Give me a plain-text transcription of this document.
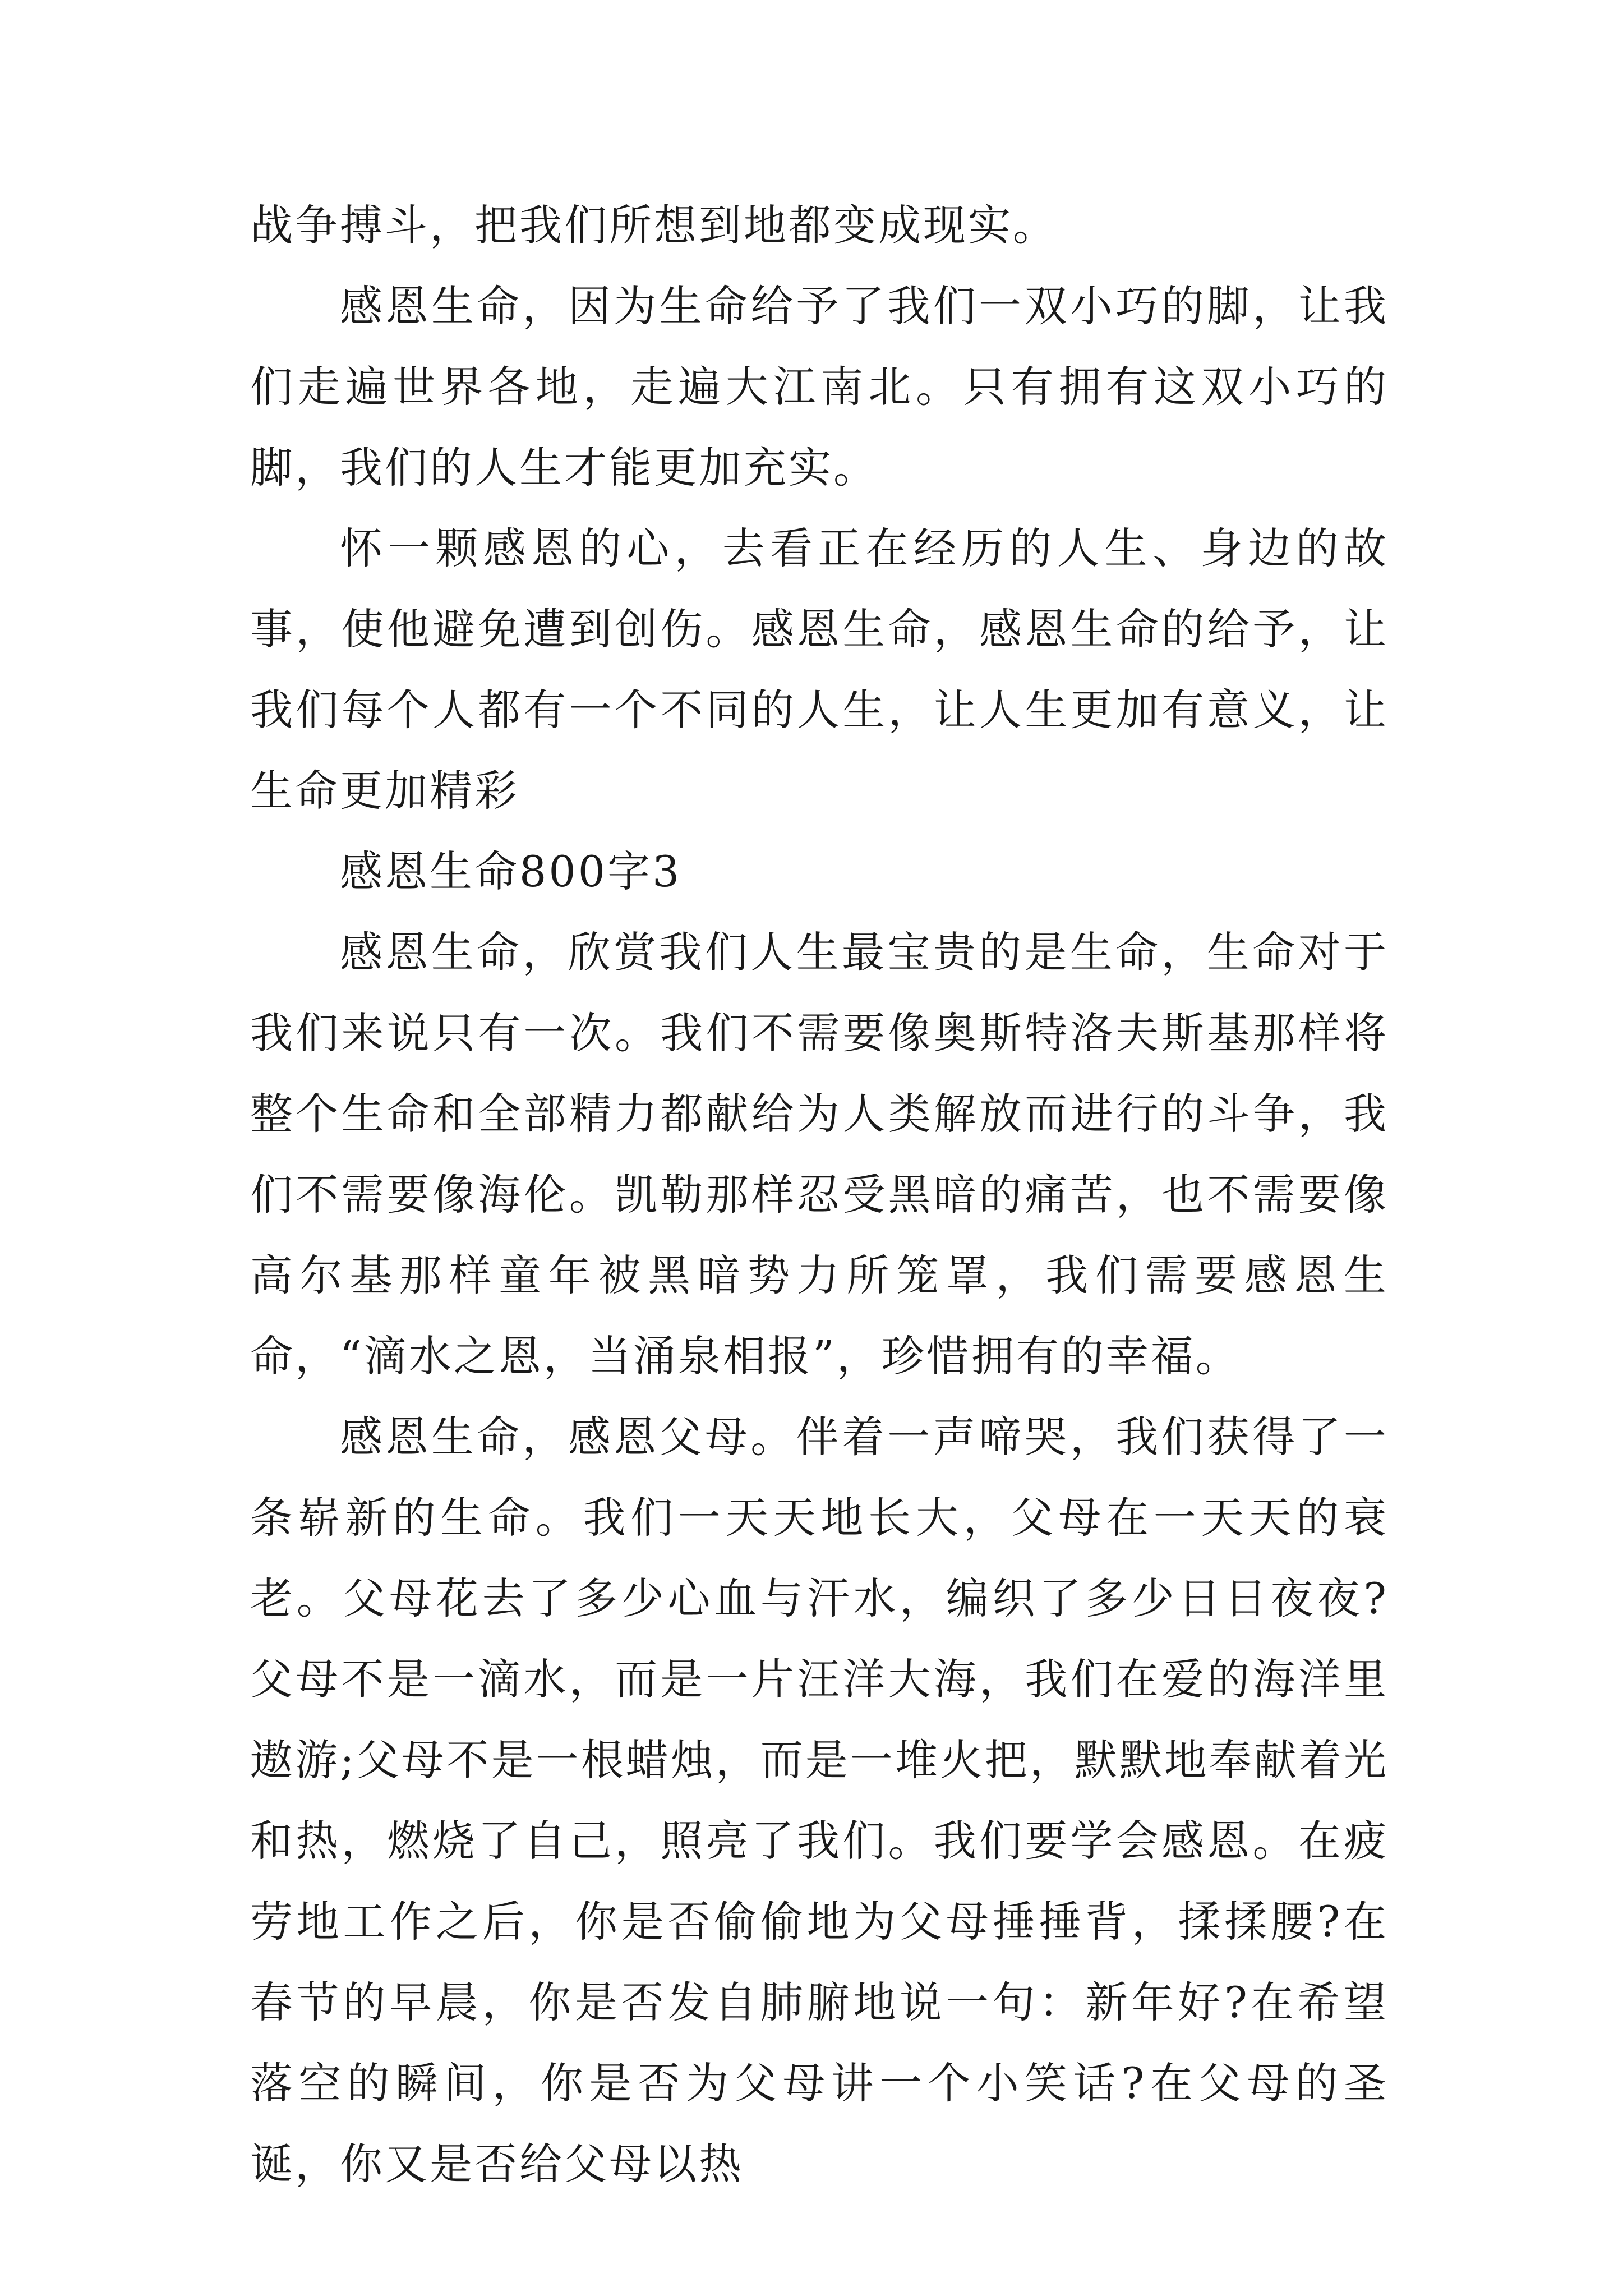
战争搏斗，把我们所想到地都变成现实。

感恩生命，因为生命给予了我们一双小巧的脚，让我们走遍世界各地，走遍大江南北。只有拥有这双小巧的脚，我们的人生才能更加充实。

怀一颗感恩的心，去看正在经历的人生、身边的故事，使他避免遭到创伤。感恩生命，感恩生命的给予，让我们每个人都有一个不同的人生，让人生更加有意义，让生命更加精彩

感恩生命800字3

感恩生命，欣赏我们人生最宝贵的是生命，生命对于我们来说只有一次。我们不需要像奥斯特洛夫斯基那样将整个生命和全部精力都献给为人类解放而进行的斗争，我们不需要像海伦。凯勒那样忍受黑暗的痛苦，也不需要像高尔基那样童年被黑暗势力所笼罩，我们需要感恩生命，“滴水之恩，当涌泉相报”，珍惜拥有的幸福。

感恩生命，感恩父母。伴着一声啼哭，我们获得了一条崭新的生命。我们一天天地长大，父母在一天天的衰老。父母花去了多少心血与汗水，编织了多少日日夜夜?父母不是一滴水，而是一片汪洋大海，我们在爱的海洋里遨游;父母不是一根蜡烛，而是一堆火把，默默地奉献着光和热，燃烧了自己，照亮了我们。我们要学会感恩。在疲劳地工作之后，你是否偷偷地为父母捶捶背，揉揉腰?在春节的早晨，你是否发自肺腑地说一句：新年好?在希望落空的瞬间，你是否为父母讲一个小笑话?在父母的圣诞，你又是否给父母以热
